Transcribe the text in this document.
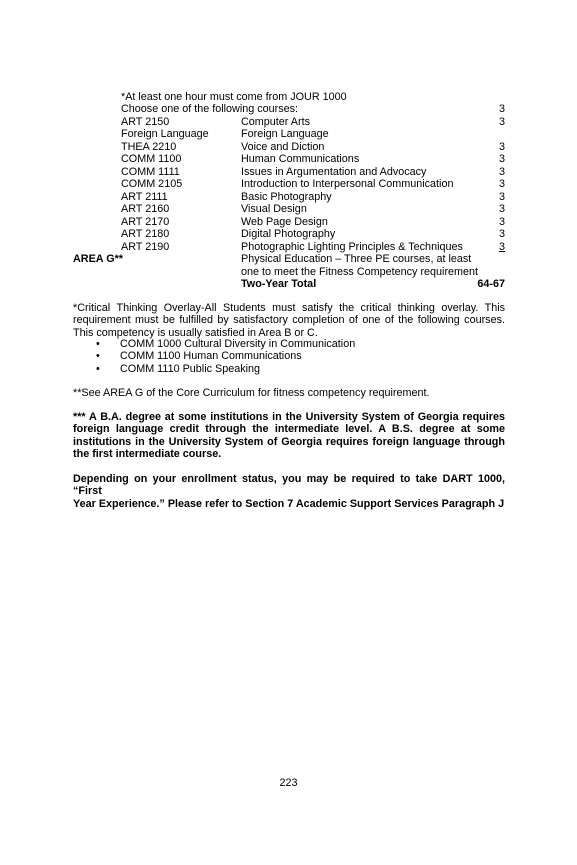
*At least one hour must come from JOUR 1000
Choose one of the following courses:	3
ART 2150	Computer Arts	3
Foreign Language	Foreign Language
THEA 2210	Voice and Diction	3
COMM 1100	Human Communications	3
COMM 1111	Issues in Argumentation and Advocacy	3
COMM 2105	Introduction to Interpersonal Communication	3
ART 2111	Basic Photography	3
ART 2160	Visual Design	3
ART 2170	Web Page Design	3
ART 2180	Digital Photography	3
ART 2190	Photographic Lighting Principles & Techniques	3
AREA G**	Physical Education – Three PE courses, at least
one to meet the Fitness Competency requirement
Two-Year Total	64-67
*Critical Thinking Overlay-All Students must satisfy the critical thinking overlay. This
requirement must be fulfilled by satisfactory completion of one of the following courses.
This competency is usually satisfied in Area B or C.
• COMM 1000 Cultural Diversity in Communication
• COMM 1100 Human Communications
• COMM 1110 Public Speaking
**See AREA G of the Core Curriculum for fitness competency requirement.
*** A B.A. degree at some institutions in the University System of Georgia requires
foreign language credit through the intermediate level. A B.S. degree at some
institutions in the University System of Georgia requires foreign language through
the first intermediate course.
Depending on your enrollment status, you may be required to take DART 1000, “First
Year Experience.” Please refer to Section 7 Academic Support Services Paragraph J
223
